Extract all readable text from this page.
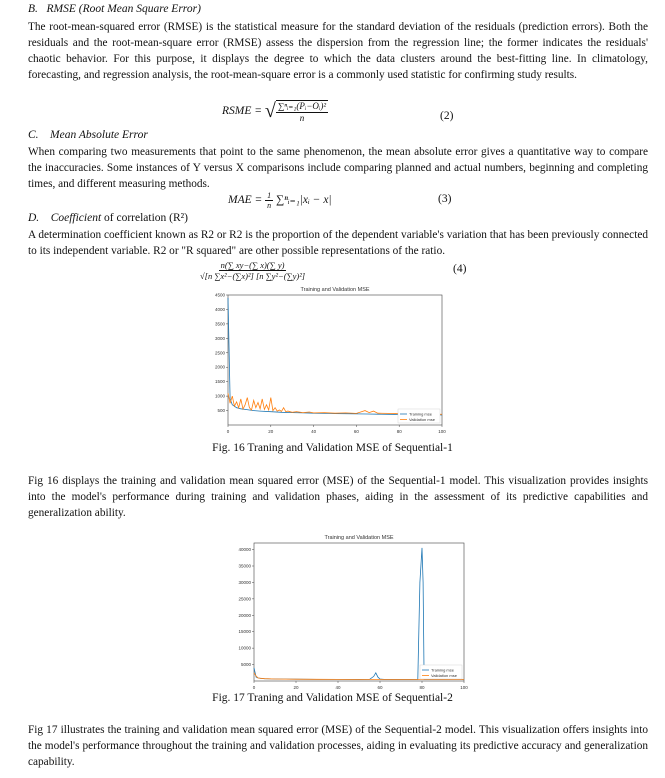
B. RMSE (Root Mean Square Error)
The root-mean-squared error (RMSE) is the statistical measure for the standard deviation of the residuals (prediction errors). Both the residuals and the root-mean-square error (RMSE) assess the dispersion from the regression line; the former indicates the residuals' chaotic behavior. For this purpose, it displays the degree to which the data clusters around the best-fitting line. In climatology, forecasting, and regression analysis, the root-mean-square error is a commonly used statistic for confirming study results.
RSME = √ $\frac{\text{∑ⁿᵢ₌₁(Pᵢ−Oᵢ)²}}{n}$	(2)
C. Mean Absolute Error
When comparing two measurements that point to the same phenomenon, the mean absolute error gives a quantitative way to compare the inaccuracies. Some instances of Y versus X comparisons include comparing planned and actual numbers, beginning and completing times, and different measuring methods.
MAE = $\frac{1}{n}$ ∑ⁿᵢ₌₁|xᵢ − x|	(3)
D. Coefficient of correlation (R²)
A determination coefficient known as R2 or R2 is the proportion of the dependent variable's variation that has been previously connected to its independent variable. R2 or "R squared" are other possible representations of the ratio.
$\frac{n(\sum xy-(\sum x)(\sum y)}{\text{√[n ∑x²−(∑x)²] [n ∑y²−(∑y)²]}}$	(4)
Training and Validation MSE
0	20	40	60	80	100
500
1000
1500
2000
2500
3000
3500
4000
4500
Training mse
Validation mse
Fig. 16 Traning and Validation MSE of Sequential-1
Fig 16 displays the training and validation mean squared error (MSE) of the Sequential-1 model. This visualization provides insights into the model's performance during training and validation phases, aiding in the assessment of its predictive capabilities and generalization ability.
Training and Validation MSE
0	20	40	60	80	100
5000
10000
15000
20000
25000
30000
35000
40000
Training mse
Validation mse
Fig. 17 Traning and Validation MSE of Sequential-2
Fig 17 illustrates the training and validation mean squared error (MSE) of the Sequential-2 model. This visualization offers insights into the model's performance throughout the training and validation processes, aiding in evaluating its predictive accuracy and generalization capability.
